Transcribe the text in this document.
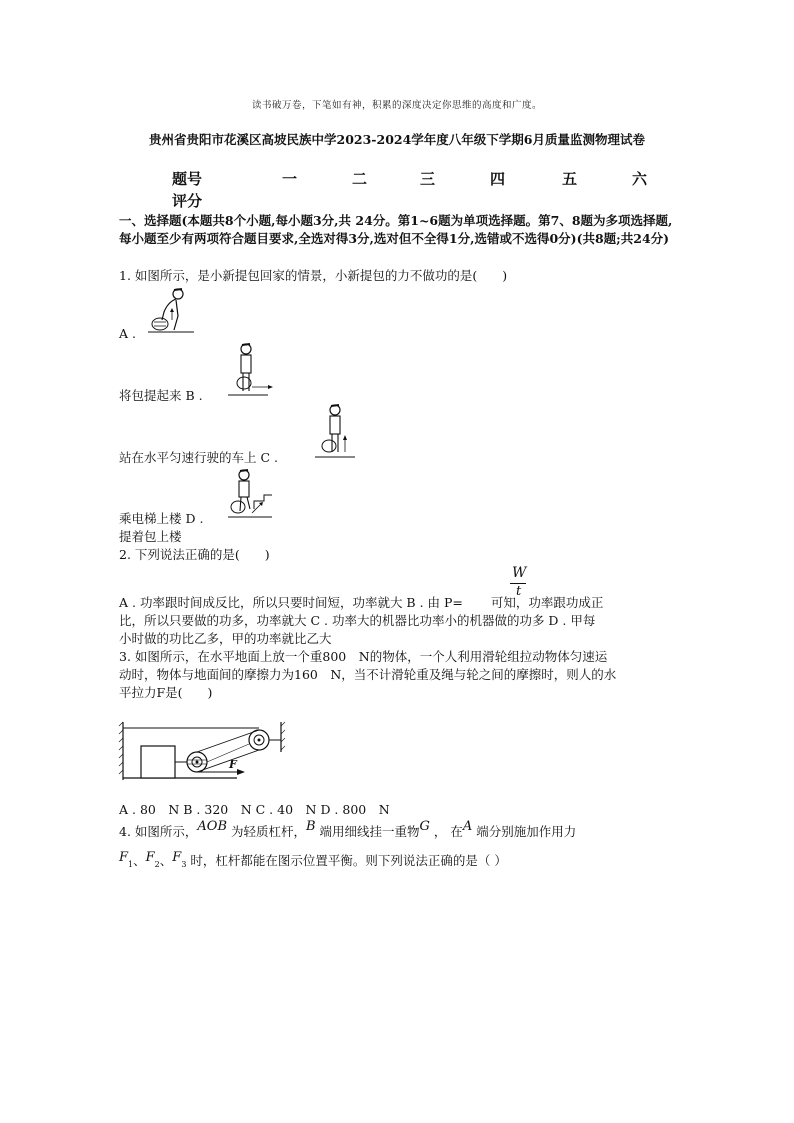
读书破万卷，下笔如有神，积累的深度决定你思维的高度和广度。
贵州省贵阳市花溪区高坡民族中学2023-2024学年度八年级下学期6月质量监测物理试卷
题号	一	二	三	四	五	六
评分
一、选择题(本题共8个小题,每小题3分,共 24分。第1~6题为单项选择题。第7、8题为多项选择题,每小题至少有两项符合题目要求,全选对得3分,选对但不全得1分,选错或不选得0分)(共8题;共24分)
1. 如图所示，是小新提包回家的情景，小新提包的力不做功的是(　　)
A .
将包提起来 B .
站在水平匀速行驶的车上 C .
乘电梯上楼 D .
提着包上楼
2. 下列说法正确的是(　　)
W
t
A . 功率跟时间成反比，所以只要时间短，功率就大 B . 由 P=  可知，功率跟功成正
比，所以只要做的功多，功率就大 C . 功率大的机器比功率小的机器做的功多 D . 甲每
小时做的功比乙多，甲的功率就比乙大
3. 如图所示，在水平地面上放一个重800　N的物体，一个人利用滑轮组拉动物体匀速运
动时，物体与地面间的摩擦力为160　N，当不计滑轮重及绳与轮之间的摩擦时，则人的水
平拉力F是(　　)
F
A . 80　N B . 320　N C . 40　N D . 800　N
4. 如图所示，AOB 为轻质杠杆，B 端用细线挂一重物G ， 在A 端分别施加作用力
$F_1$、$F_2$、$F_3$ 时，杠杆都能在图示位置平衡。则下列说法正确的是（ ）
